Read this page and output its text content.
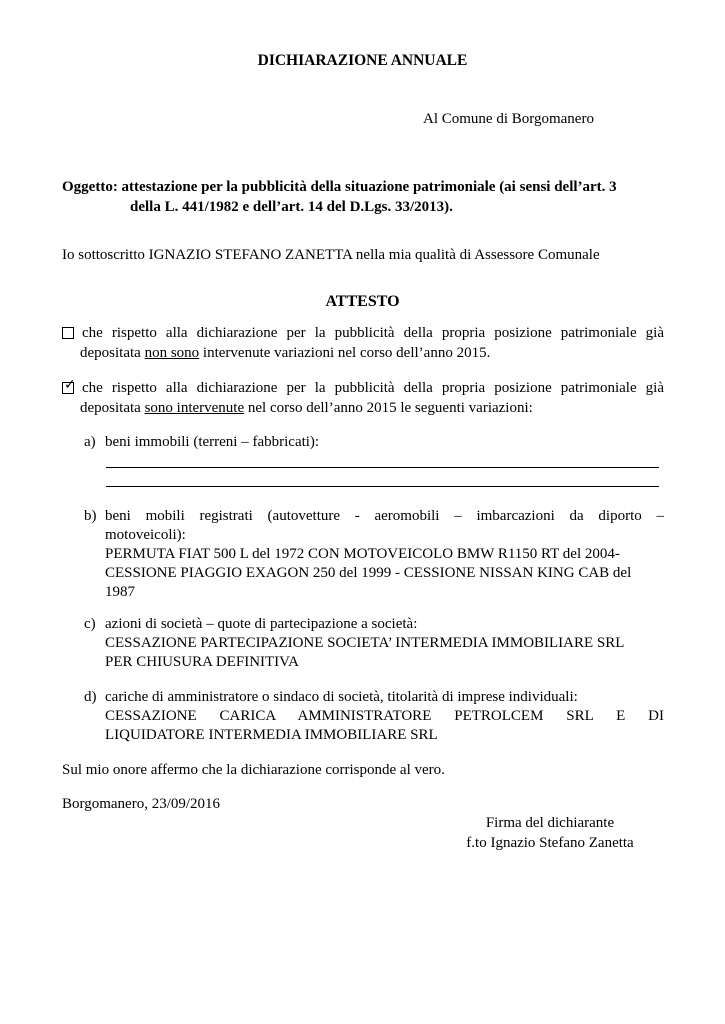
DICHIARAZIONE ANNUALE
Al Comune di Borgomanero
Oggetto: attestazione per la pubblicità della situazione patrimoniale (ai sensi dell’art. 3
della L. 441/1982 e dell’art. 14 del D.Lgs. 33/2013).
Io sottoscritto IGNAZIO STEFANO ZANETTA nella mia qualità di Assessore Comunale
ATTESTO
che rispetto alla dichiarazione per la pubblicità della propria posizione patrimoniale già
depositata non sono intervenute variazioni nel corso dell’anno 2015.
✓ che rispetto alla dichiarazione per la pubblicità della propria posizione patrimoniale già
depositata sono intervenute nel corso dell’anno 2015 le seguenti variazioni:
a) beni immobili (terreni – fabbricati):
b) beni mobili registrati (autovetture - aeromobili – imbarcazioni da diporto –
motoveicoli):
PERMUTA FIAT 500 L del 1972 CON MOTOVEICOLO BMW R1150 RT del 2004-
CESSIONE PIAGGIO EXAGON 250 del 1999 - CESSIONE NISSAN KING CAB del
1987
c) azioni di società – quote di partecipazione a società:
CESSAZIONE PARTECIPAZIONE SOCIETA’ INTERMEDIA IMMOBILIARE SRL
PER CHIUSURA DEFINITIVA
d) cariche di amministratore o sindaco di società, titolarità di imprese individuali:
CESSAZIONE CARICA AMMINISTRATORE PETROLCEM SRL E DI
LIQUIDATORE INTERMEDIA IMMOBILIARE SRL
Sul mio onore affermo che la dichiarazione corrisponde al vero.
Borgomanero, 23/09/2016
Firma del dichiarante
f.to Ignazio Stefano Zanetta
